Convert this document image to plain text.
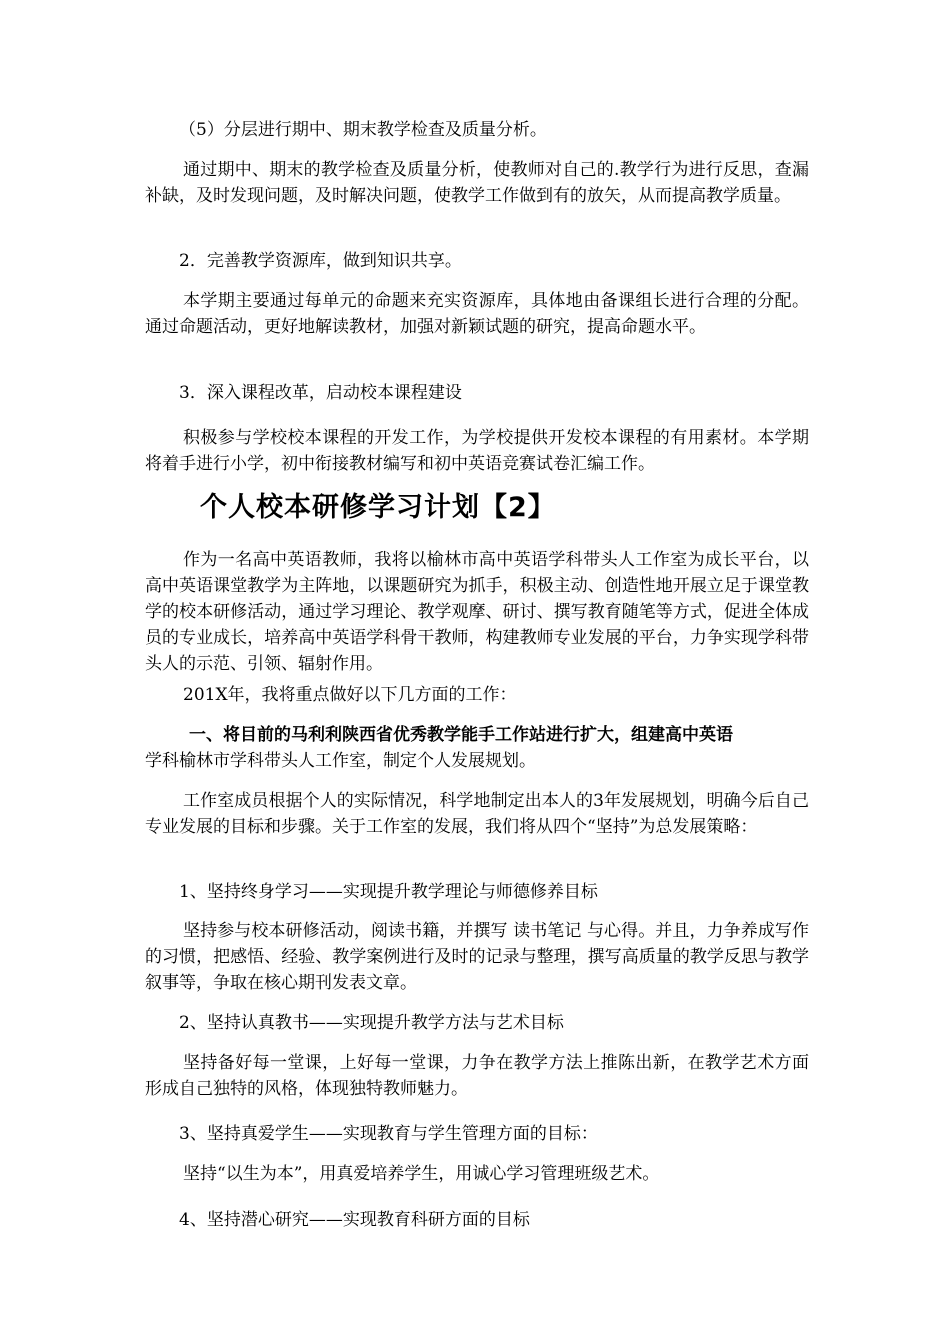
（5）分层进行期中、期末教学检查及质量分析。

通过期中、期末的教学检查及质量分析，使教师对自己的.教学行为进行反思，查漏补缺，及时发现问题，及时解决问题，使教学工作做到有的放矢，从而提高教学质量。

2．完善教学资源库，做到知识共享。

本学期主要通过每单元的命题来充实资源库，具体地由备课组长进行合理的分配。通过命题活动，更好地解读教材，加强对新颖试题的研究，提高命题水平。

3．深入课程改革，启动校本课程建设

积极参与学校校本课程的开发工作，为学校提供开发校本课程的有用素材。本学期将着手进行小学，初中衔接教材编写和初中英语竞赛试卷汇编工作。

个人校本研修学习计划【2】

作为一名高中英语教师，我将以榆林市高中英语学科带头人工作室为成长平台，以高中英语课堂教学为主阵地，以课题研究为抓手，积极主动、创造性地开展立足于课堂教学的校本研修活动，通过学习理论、教学观摩、研讨、撰写教育随笔等方式，促进全体成员的专业成长，培养高中英语学科骨干教师，构建教师专业发展的平台，力争实现学科带头人的示范、引领、辐射作用。

201X年，我将重点做好以下几方面的工作：

一、将目前的马利利陕西省优秀教学能手工作站进行扩大，组建高中英语

学科榆林市学科带头人工作室，制定个人发展规划。

工作室成员根据个人的实际情况，科学地制定出本人的3年发展规划，明确今后自己专业发展的目标和步骤。关于工作室的发展，我们将从四个“坚持”为总发展策略：

1、坚持终身学习——实现提升教学理论与师德修养目标

坚持参与校本研修活动，阅读书籍，并撰写 读书笔记 与心得。并且，力争养成写作的习惯，把感悟、经验、教学案例进行及时的记录与整理，撰写高质量的教学反思与教学叙事等，争取在核心期刊发表文章。

2、坚持认真教书——实现提升教学方法与艺术目标

坚持备好每一堂课，上好每一堂课，力争在教学方法上推陈出新，在教学艺术方面形成自己独特的风格，体现独特教师魅力。

3、坚持真爱学生——实现教育与学生管理方面的目标：

坚持“以生为本”，用真爱培养学生，用诚心学习管理班级艺术。

4、坚持潜心研究——实现教育科研方面的目标
